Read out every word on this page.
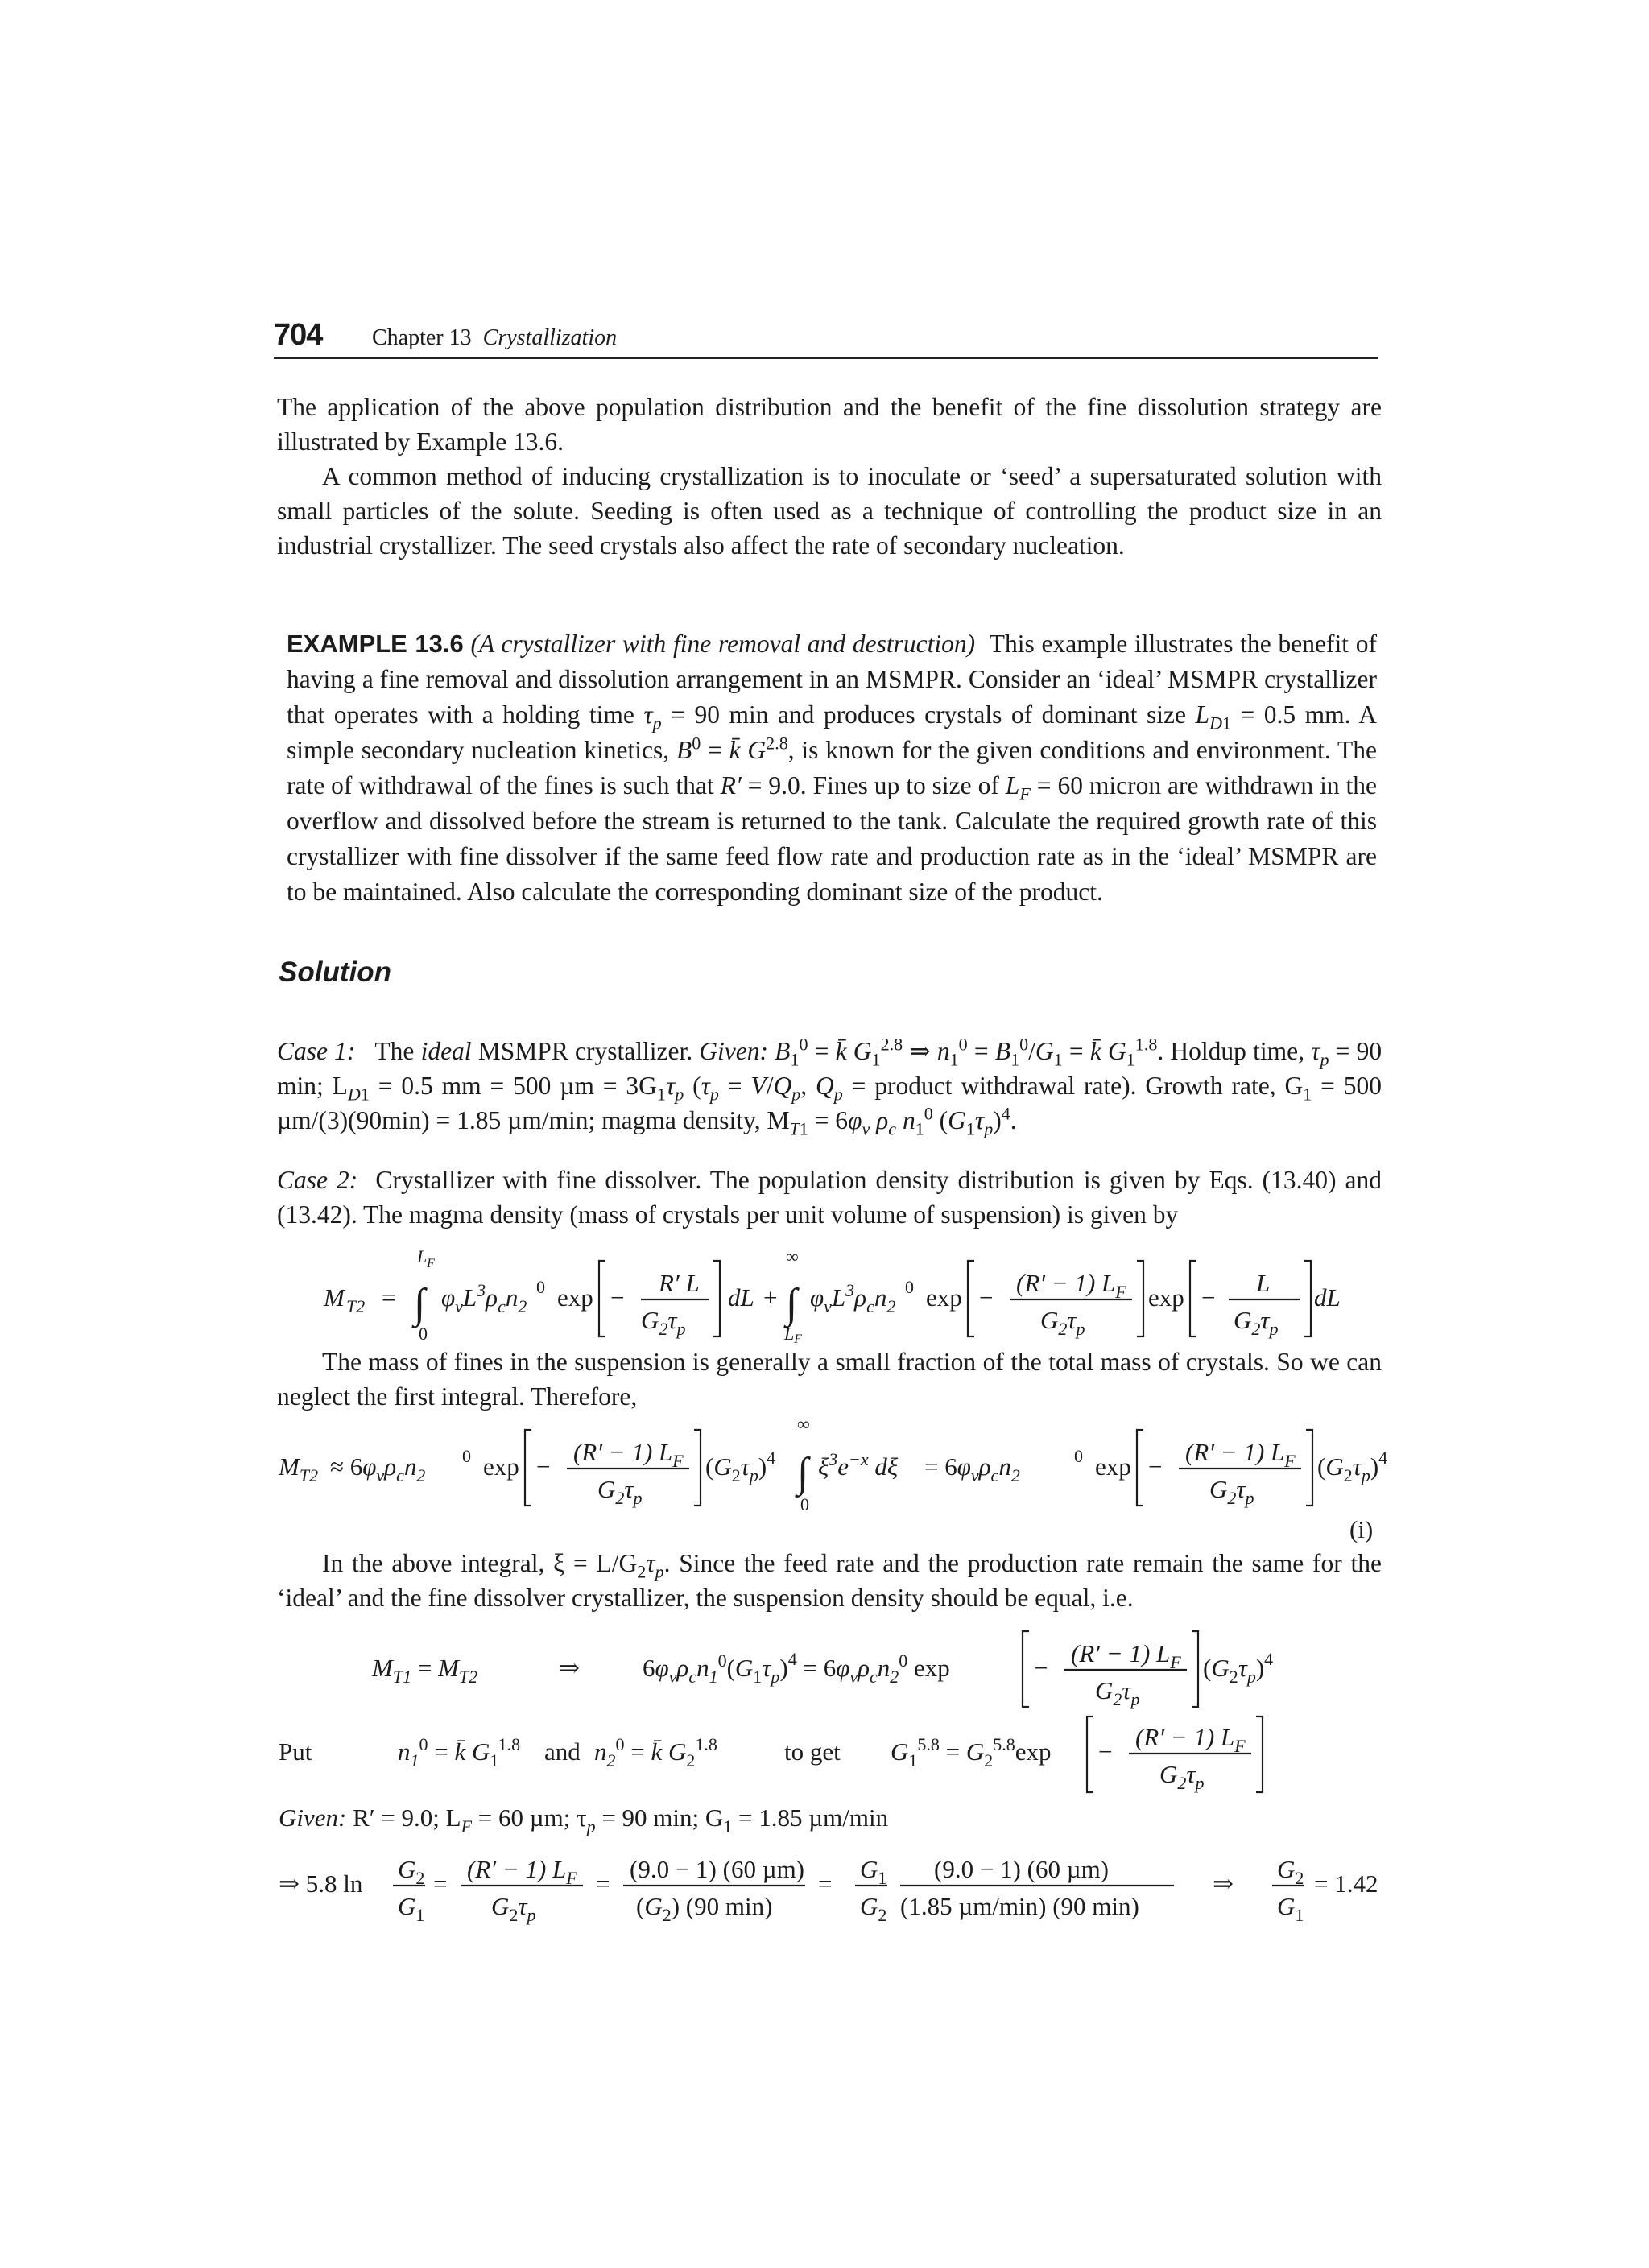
704 Chapter 13 Crystallization

The application of the above population distribution and the benefit of the fine dissolution strategy are illustrated by Example 13.6.

A common method of inducing crystallization is to inoculate or ‘seed’ a supersaturated solution with small particles of the solute. Seeding is often used as a technique of controlling the product size in an industrial crystallizer. The seed crystals also affect the rate of secondary nucleation.

EXAMPLE 13.6 (A crystallizer with fine removal and destruction) This example illustrates the benefit of having a fine removal and dissolution arrangement in an MSMPR. Consider an ‘ideal’ MSMPR crystallizer that operates with a holding time $\tau_p = 90$ min and produces crystals of dominant size $L_{D1} = 0.5$ mm. A simple secondary nucleation kinetics, $B^0$ = k̄ $G^{2.8}$, is known for the given conditions and environment. The rate of withdrawal of the fines is such that R′ = 9.0. Fines up to size of $L_F = 60$ micron are withdrawn in the overflow and dissolved before the stream is returned to the tank. Calculate the required growth rate of this crystallizer with fine dissolver if the same feed flow rate and production rate as in the ‘ideal’ MSMPR are to be maintained. Also calculate the corresponding dominant size of the product.
Solution

Case 1: The ideal MSMPR crystallizer. Given: $B_1^0$ = k̄ $G_1^{2.8}$ ⇒ $n_1^0 = B_1^0/G_1$ = k̄ $G_1^{1.8}$. Holdup time, $\tau_p = 90$ min; $L_{D1} = 0.5$ mm = 500 $\mu m = 3G_1\tau_p$ ($\tau_p = V/Q_p$, $Q_p$ = product withdrawal rate). Growth rate, $G_1 = 500$ µm/(3)(90min) = 1.85 µm/min; magma density, $M_{T1} = 6\varphi_v$ $\rho_c$ $n_1^0$ $(G_1\tau_p)^4$.

Case 2: Crystallizer with fine dissolver. The population density distribution is given by Eqs. (13.40) and (13.42). The magma density (mass of crystals per unit volume of suspension) is given by

M T2 =
L F
∫
0
$\varphi_vL^3\rho_cn_2$
0 exp −
R′ L
$G_2\tau_p$
dL +
∞
∫
LF
$\varphi_vL^3\rho_cn_2$
0 exp −
(R′ − 1) $L_F$
$G_2\tau_p$
exp −
L
$G_2\tau_p$
dL
The mass of fines in the suspension is generally a small fraction of the total mass of crystals. So we can neglect the first integral. Therefore,
$M_{T2} \approx 6\varphi_v\rho_cn_2$
0 exp −
(R′ − 1) $L_F$
$G_2\tau_p$
$(G_2\tau_p)^4$
∞
∫
0
$\xi^3e^{-x}$ $d\xi = 6\varphi_v\rho_cn_2$
0 exp −
(R′ − 1) $L_F$
$G_2\tau_p$
$(G_2\tau_p)^4$
(i)
In the above integral, $\xi = L/G_2\tau_p$. Since the feed rate and the production rate remain the same for the ‘ideal’ and the fine dissolver crystallizer, the suspension density should be equal, i.e.
$M_{T1} = M_{T2}$	⇒	$6\varphi_v\rho_cn_1^0(G_1\tau_p)^4 = 6\varphi_v\rho_cn_2^0$ exp	−
(R′ − 1) $L_F$
$G_2\tau_p$
$(G_2\tau_p)^4$
Put	$n_1^0$ = k̄ $G_1^{1.8}$ and $n_2^0$ = k̄ $G_2^{1.8}$	to get $G_1^{5.8} = G_2^{5.8}\exp$ −
(R′ − 1) $L_F$
$G_2\tau_p$
Given: R′ = 9.0; $L_F = 60$ µm; $\tau_p = 90$ min; $G_1 = 1.85$ µm/min
⇒ 5.8 ln
$G_2$
$G_1$
=
(R′ − 1) $L_F$
$G_2\tau_p$
=
(9.0 − 1) (60 µm)
$(G_2)$ (90 min)
=
$G_1$
$G_2$
(9.0 − 1) (60 µm)
(1.85 µm/min) (90 min)
⇒
$G_2$
$G_1$
= 1.42
